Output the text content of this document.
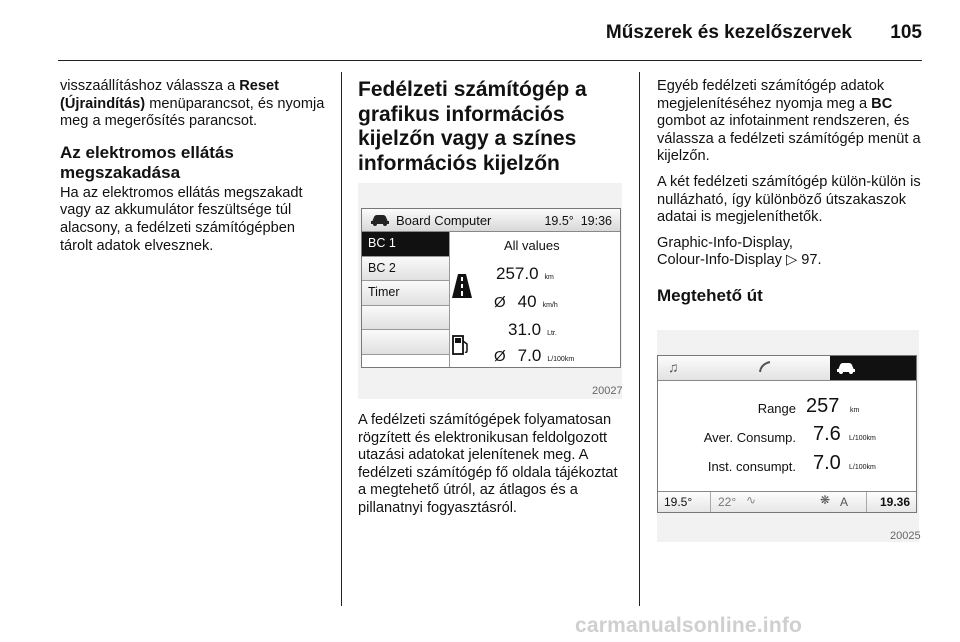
Műszerek és kezelőszervek 105

visszaállításhoz válassza a Reset (Újraindítás) menüparancsot, és nyomja meg a megerősítés parancsot.

Az elektromos ellátás megszakadása

Ha az elektromos ellátás megszakadt vagy az akkumulátor feszültsége túl alacsony, a fedélzeti számítógépben tárolt adatok elvesznek.

Fedélzeti számítógép a grafikus információs kijelzőn vagy a színes információs kijelzőn
Board Computer	19.5° 19:36
BC 1
BC 2
Timer
All values
257.0 km
Ø 40 km/h
31.0 Ltr.
Ø 7.0 L/100km
20027

A fedélzeti számítógépek folyamatosan rögzített és elektronikusan feldolgozott utazási adatokat jelenítenek meg. A fedélzeti számítógép fő oldala tájékoztat a megtehető útról, az átlagos és a pillanatnyi fogyasztásról.

Egyéb fedélzeti számítógép adatok megjelenítéséhez nyomja meg a BC gombot az infotainment rendszeren, és válassza a fedélzeti számítógép menüt a kijelzőn.

A két fedélzeti számítógép külön-külön is nullázható, így különböző útszakaszok adatai is megjeleníthetők.

Graphic-Info-Display,
Colour-Info-Display ▷ 97.

Megtehető út
♫
Range 257 km
Aver. Consump. 7.6 L/100km
Inst. consumpt. 7.0 L/100km
19.5° 22° ∿	❋ A	19.36
20025
carmanualsonline.info
